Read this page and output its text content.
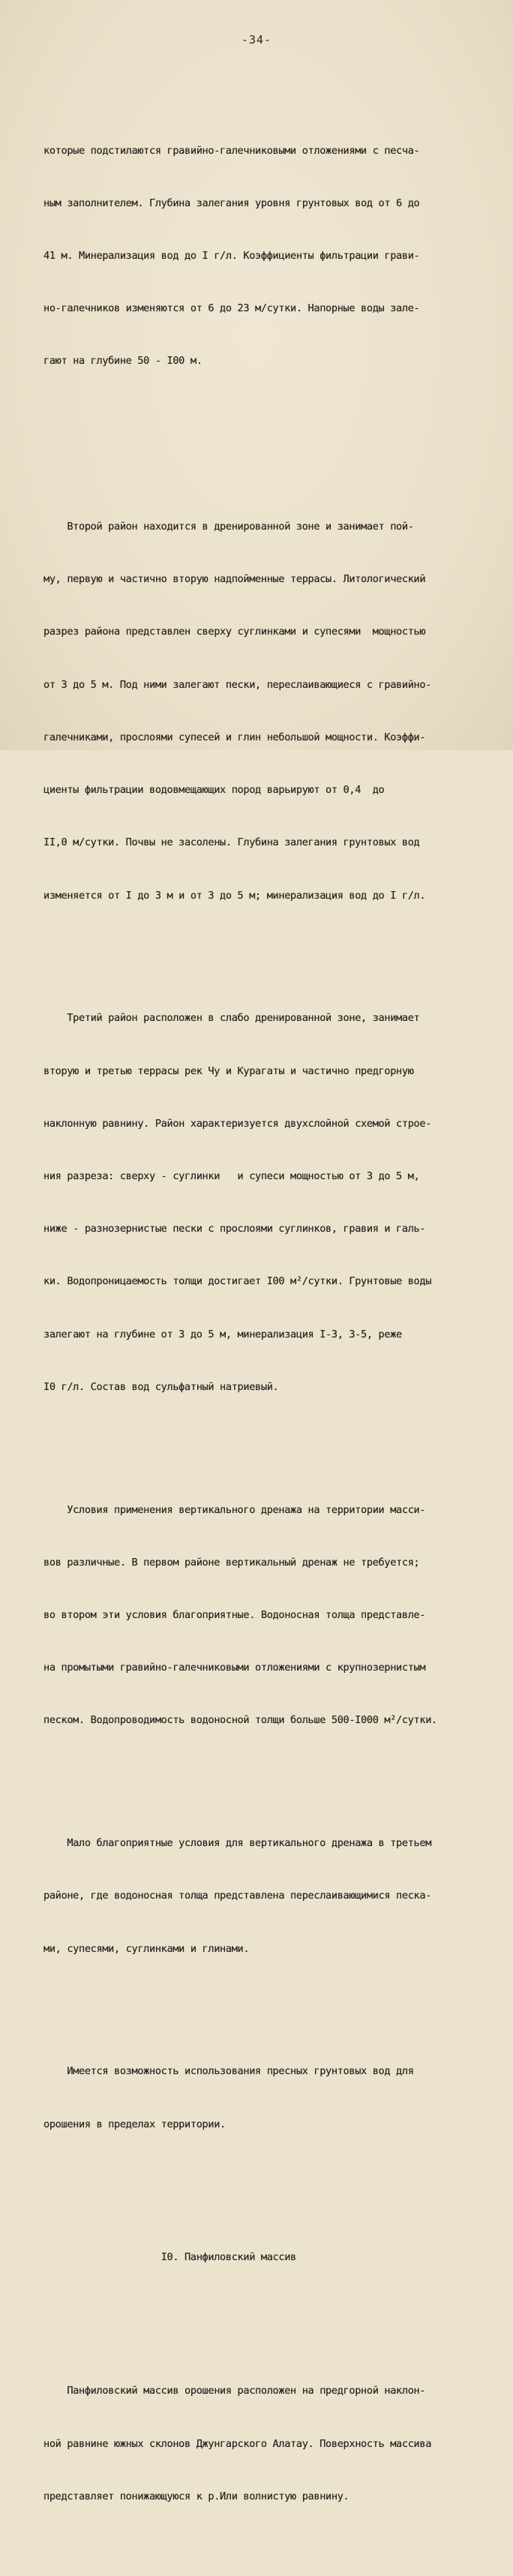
-34-

которые подстилаются гравийно-галечниковыми отложениями с песча-

ным заполнителем. Глубина залегания уровня грунтовых вод от 6 до

41 м. Минерализация вод до I г/л. Коэффициенты фильтрации грави-

но-галечников изменяются от 6 до 23 м/сутки. Напорные воды зале-

гают на глубине 50 - I00 м.

Второй район находится в дренированной зоне и занимает пой-

му, первую и частично вторую надпойменные террасы. Литологический

разрез района представлен сверху суглинками и супесями  мощностью

от 3 до 5 м. Под ними залегают пески, переслаивающиеся с гравийно-

галечниками, прослоями супесей и глин небольшой мощности. Коэффи-

циенты фильтрации водовмещающих пород варьируют от 0,4  до

II,0 м/сутки. Почвы не засолены. Глубина залегания грунтовых вод

изменяется от I до 3 м и от 3 до 5 м; минерализация вод до I г/л.

Третий район расположен в слабо дренированной зоне, занимает

вторую и третью террасы рек Чу и Курагаты и частично предгорную

наклонную равнину. Район характеризуется двухслойной схемой строе-

ния разреза: сверху - суглинки   и супеси мощностью от 3 до 5 м,

ниже - разнозернистые пески с прослоями суглинков, гравия и галь-

ки. Водопроницаемость толщи достигает I00 м²/сутки. Грунтовые воды

залегают на глубине от 3 до 5 м, минерализация I-3, 3-5, реже

I0 г/л. Состав вод сульфатный натриевый.

Условия применения вертикального дренажа на территории масси-

вов различные. В первом районе вертикальный дренаж не требуется;

во втором эти условия благоприятные. Водоносная толща представле-

на промытыми гравийно-галечниковыми отложениями с крупнозернистым

песком. Водопроводимость водоносной толщи больше 500-I000 м²/сутки.

Мало благоприятные условия для вертикального дренажа в третьем

районе, где водоносная толща представлена переслаивающимися песка-

ми, супесями, суглинками и глинами.

Имеется возможность использования пресных грунтовых вод для

орошения в пределах территории.

I0. Панфиловский массив

Панфиловский массив орошения расположен на предгорной наклон-

ной равнине южных склонов Джунгарского Алатау. Поверхность массива

представляет понижающуюся к р.Или волнистую равнину.
